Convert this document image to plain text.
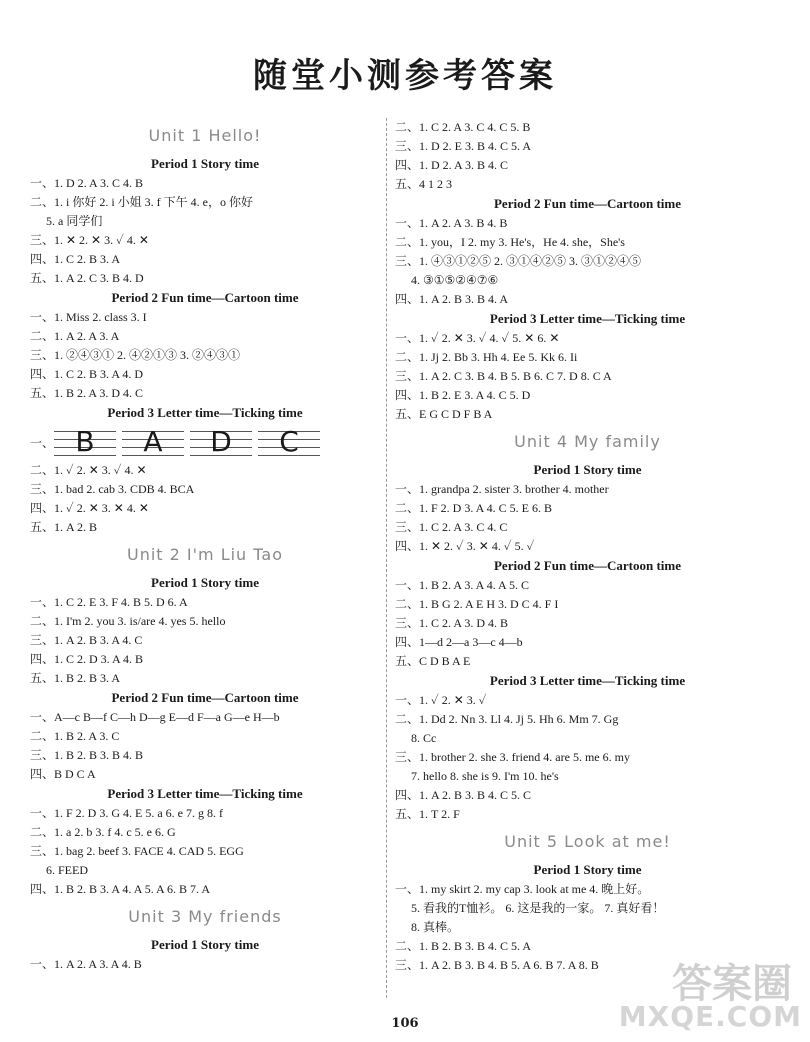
随堂小测参考答案
Unit 1 Hello!
Period 1 Story time
一、1. D 2. A 3. C 4. B
二、1. i 你好 2. i 小姐 3. f 下午 4. e，o 你好
5. a 同学们
三、1. ✕ 2. ✕ 3. ✓ 4. ✕
四、1. C 2. B 3. A
五、1. A 2. C 3. B 4. D
Period 2 Fun time—Cartoon time
一、1. Miss 2. class 3. I
二、1. A 2. A 3. A
三、1. ②④③① 2. ④②①③ 3. ②④③①
四、1. C 2. B 3. A 4. D
五、1. B 2. A 3. D 4. C
Period 3 Letter time—Ticking time
一、 B	A	D	C
二、1. ✓ 2. ✕ 3. ✓ 4. ✕
三、1. bad 2. cab 3. CDB 4. BCA
四、1. ✓ 2. ✕ 3. ✕ 4. ✕
五、1. A 2. B
Unit 2 I'm Liu Tao
Period 1 Story time
一、1. C 2. E 3. F 4. B 5. D 6. A
二、1. I'm 2. you 3. is/are 4. yes 5. hello
三、1. A 2. B 3. A 4. C
四、1. C 2. D 3. A 4. B
五、1. B 2. B 3. A
Period 2 Fun time—Cartoon time
一、A—c B—f C—h D—g E—d F—a G—e H—b
二、1. B 2. A 3. C
三、1. B 2. B 3. B 4. B
四、B D C A
Period 3 Letter time—Ticking time
一、1. F 2. D 3. G 4. E 5. a 6. e 7. g 8. f
二、1. a 2. b 3. f 4. c 5. e 6. G
三、1. bag 2. beef 3. FACE 4. CAD 5. EGG
6. FEED
四、1. B 2. B 3. A 4. A 5. A 6. B 7. A
Unit 3 My friends
Period 1 Story time
一、1. A 2. A 3. A 4. B
二、1. C 2. A 3. C 4. C 5. B
三、1. D 2. E 3. B 4. C 5. A
四、1. D 2. A 3. B 4. C
五、4 1 2 3
Period 2 Fun time—Cartoon time
一、1. A 2. A 3. B 4. B
二、1. you，I 2. my 3. He's，He 4. she，She's
三、1. ④③①②⑤ 2. ③①④②⑤ 3. ③①②④⑤
4. ③①⑤②④⑦⑥
四、1. A 2. B 3. B 4. A
Period 3 Letter time—Ticking time
一、1. ✓ 2. ✕ 3. ✓ 4. ✓ 5. ✕ 6. ✕
二、1. Jj 2. Bb 3. Hh 4. Ee 5. Kk 6. Ii
三、1. A 2. C 3. B 4. B 5. B 6. C 7. D 8. C A
四、1. B 2. E 3. A 4. C 5. D
五、E G C D F B A
Unit 4 My family
Period 1 Story time
一、1. grandpa 2. sister 3. brother 4. mother
二、1. F 2. D 3. A 4. C 5. E 6. B
三、1. C 2. A 3. C 4. C
四、1. ✕ 2. ✓ 3. ✕ 4. ✓ 5. ✓
Period 2 Fun time—Cartoon time
一、1. B 2. A 3. A 4. A 5. C
二、1. B G 2. A E H 3. D C 4. F I
三、1. C 2. A 3. D 4. B
四、1—d 2—a 3—c 4—b
五、C D B A E
Period 3 Letter time—Ticking time
一、1. ✓ 2. ✕ 3. ✓
二、1. Dd 2. Nn 3. Ll 4. Jj 5. Hh 6. Mm 7. Gg
8. Cc
三、1. brother 2. she 3. friend 4. are 5. me 6. my
7. hello 8. she is 9. I'm 10. he's
四、1. A 2. B 3. B 4. C 5. C
五、1. T 2. F
Unit 5 Look at me!
Period 1 Story time
一、1. my skirt 2. my cap 3. look at me 4. 晚上好。
5. 看我的T恤衫。 6. 这是我的一家。 7. 真好看！
8. 真棒。
二、1. B 2. B 3. B 4. C 5. A
三、1. A 2. B 3. B 4. B 5. A 6. B 7. A 8. B
106
答案圈
MXQE.COM
